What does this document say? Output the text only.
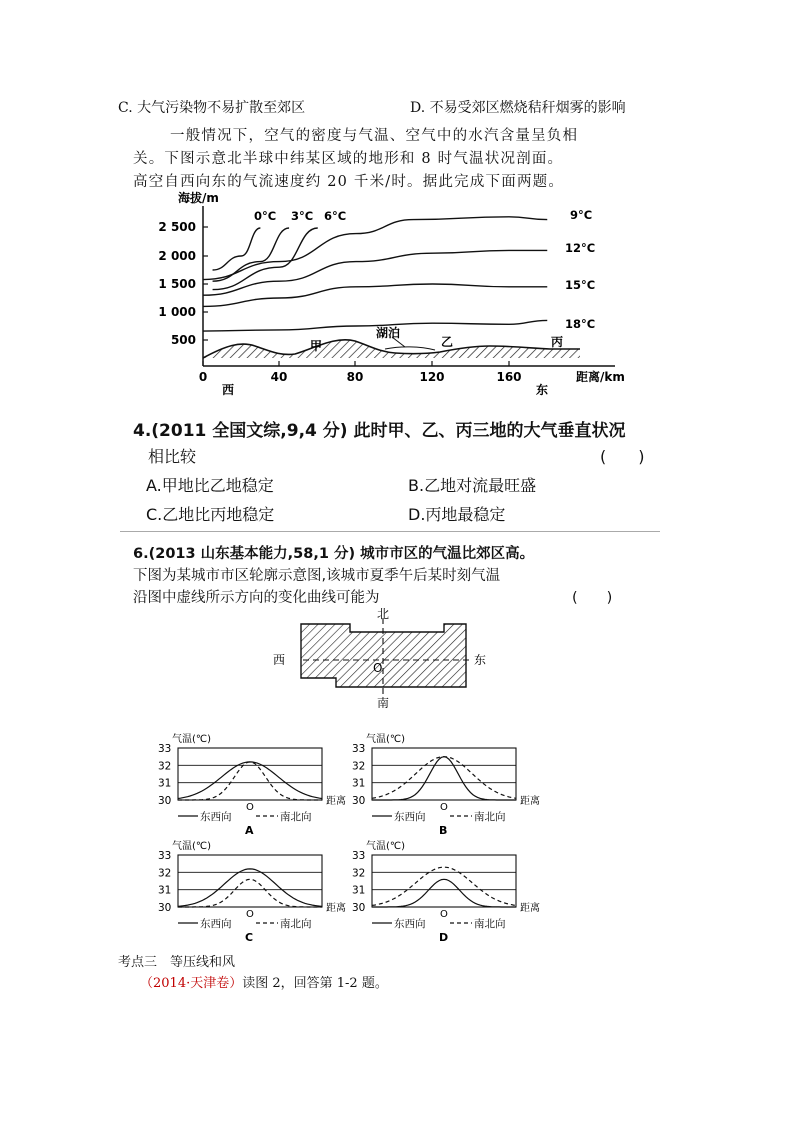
C. 大气污染物不易扩散至郊区	D. 不易受郊区燃烧秸秆烟雾的影响
一般情况下，空气的密度与气温、空气中的水汽含量呈负相
关。下图示意北半球中纬某区域的地形和 8 时气温状况剖面。
高空自西向东的气流速度约 20 千米/时。据此完成下面两题。
海拔/m
2 500
2 000
1 500
1 000
500
0	40	80	120	160	距离/km
西	东
湖泊
甲	乙	丙
0°C 3°C 6°C	9°C
12°C
15°C
18°C
4.(2011 全国文综,9,4 分) 此时甲、乙、丙三地的大气垂直状况
相比较	(　　)
A.甲地比乙地稳定	B.乙地对流最旺盛
C.乙地比丙地稳定	D.丙地最稳定
6.(2013 山东基本能力,58,1 分) 城市市区的气温比郊区高。
下图为某城市市区轮廓示意图,该城市夏季午后某时刻气温
沿图中虚线所示方向的变化曲线可能为	(　　)
北
南
西	东
O
气温(℃)
33
32
31
30	距离
O
东西向	南北向
A
气温(℃)
33
32
31
30	距离
O
东西向	南北向
B
气温(℃)
33
32
31
30	距离
O
东西向	南北向
C
气温(℃)
33
32
31
30	距离
O
东西向	南北向
D
考点三　等压线和风
（2014·天津卷）读图 2，回答第 1-2 题。
